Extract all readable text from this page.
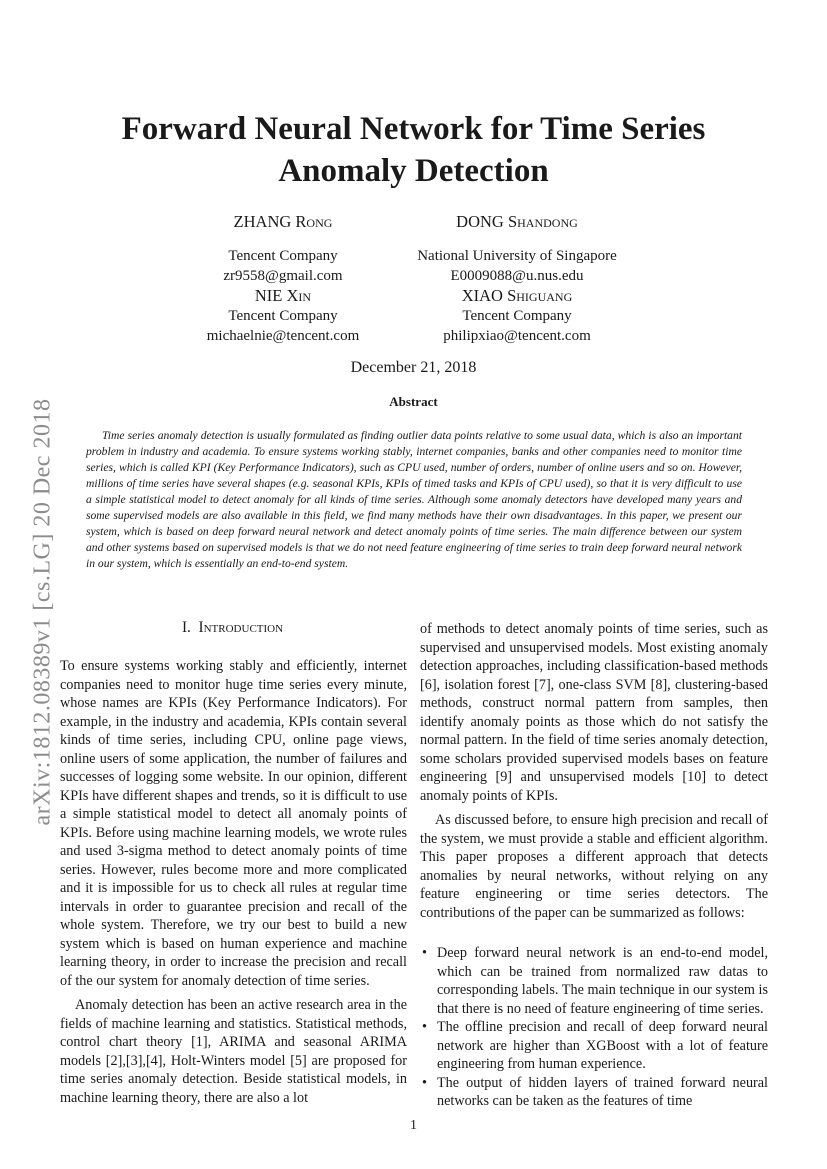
arXiv:1812.08389v1 [cs.LG] 20 Dec 2018
Forward Neural Network for Time Series
Anomaly Detection
ZHANG Rong
Tencent Company
zr9558@gmail.com
DONG Shandong
National University of Singapore
E0009088@u.nus.edu
NIE Xin
Tencent Company
michaelnie@tencent.com
XIAO Shiguang
Tencent Company
philipxiao@tencent.com
December 21, 2018
Abstract

Time series anomaly detection is usually formulated as finding outlier data points relative to some usual data, which is also an important problem in industry and academia. To ensure systems working stably, internet companies, banks and other companies need to monitor time series, which is called KPI (Key Performance Indicators), such as CPU used, number of orders, number of online users and so on. However, millions of time series have several shapes (e.g. seasonal KPIs, KPIs of timed tasks and KPIs of CPU used), so that it is very difficult to use a simple statistical model to detect anomaly for all kinds of time series. Although some anomaly detectors have developed many years and some supervised models are also available in this field, we find many methods have their own disadvantages. In this paper, we present our system, which is based on deep forward neural network and detect anomaly points of time series. The main difference between our system and other systems based on supervised models is that we do not need feature engineering of time series to train deep forward neural network in our system, which is essentially an end-to-end system.

I. Introduction

To ensure systems working stably and efficiently, internet companies need to monitor huge time series every minute, whose names are KPIs (Key Performance Indicators). For example, in the industry and academia, KPIs contain several kinds of time series, including CPU, online page views, online users of some application, the number of failures and successes of logging some website. In our opinion, different KPIs have different shapes and trends, so it is difficult to use a simple statistical model to detect all anomaly points of KPIs. Before using machine learning models, we wrote rules and used 3-sigma method to detect anomaly points of time series. However, rules become more and more complicated and it is impossible for us to check all rules at regular time intervals in order to guarantee precision and recall of the whole system. Therefore, we try our best to build a new system which is based on human experience and machine learning theory, in order to increase the precision and recall of the our system for anomaly detection of time series.

Anomaly detection has been an active research area in the fields of machine learning and statistics. Statistical methods, control chart theory [1], ARIMA and seasonal ARIMA models [2],[3],[4], Holt-Winters model [5] are proposed for time series anomaly detection. Beside statistical models, in machine learning theory, there are also a lot

of methods to detect anomaly points of time series, such as supervised and unsupervised models. Most existing anomaly detection approaches, including classification-based methods [6], isolation forest [7], one-class SVM [8], clustering-based methods, construct normal pattern from samples, then identify anomaly points as those which do not satisfy the normal pattern. In the field of time series anomaly detection, some scholars provided supervised models bases on feature engineering [9] and unsupervised models [10] to detect anomaly points of KPIs.

As discussed before, to ensure high precision and recall of the system, we must provide a stable and efficient algorithm. This paper proposes a different approach that detects anomalies by neural networks, without relying on any feature engineering or time series detectors. The contributions of the paper can be summarized as follows:

• Deep forward neural network is an end-to-end model, which can be trained from normalized raw datas to corresponding labels. The main technique in our system is that there is no need of feature engineering of time series.
• The offline precision and recall of deep forward neural network are higher than XGBoost with a lot of feature engineering from human experience.
• The output of hidden layers of trained forward neural networks can be taken as the features of time
1
